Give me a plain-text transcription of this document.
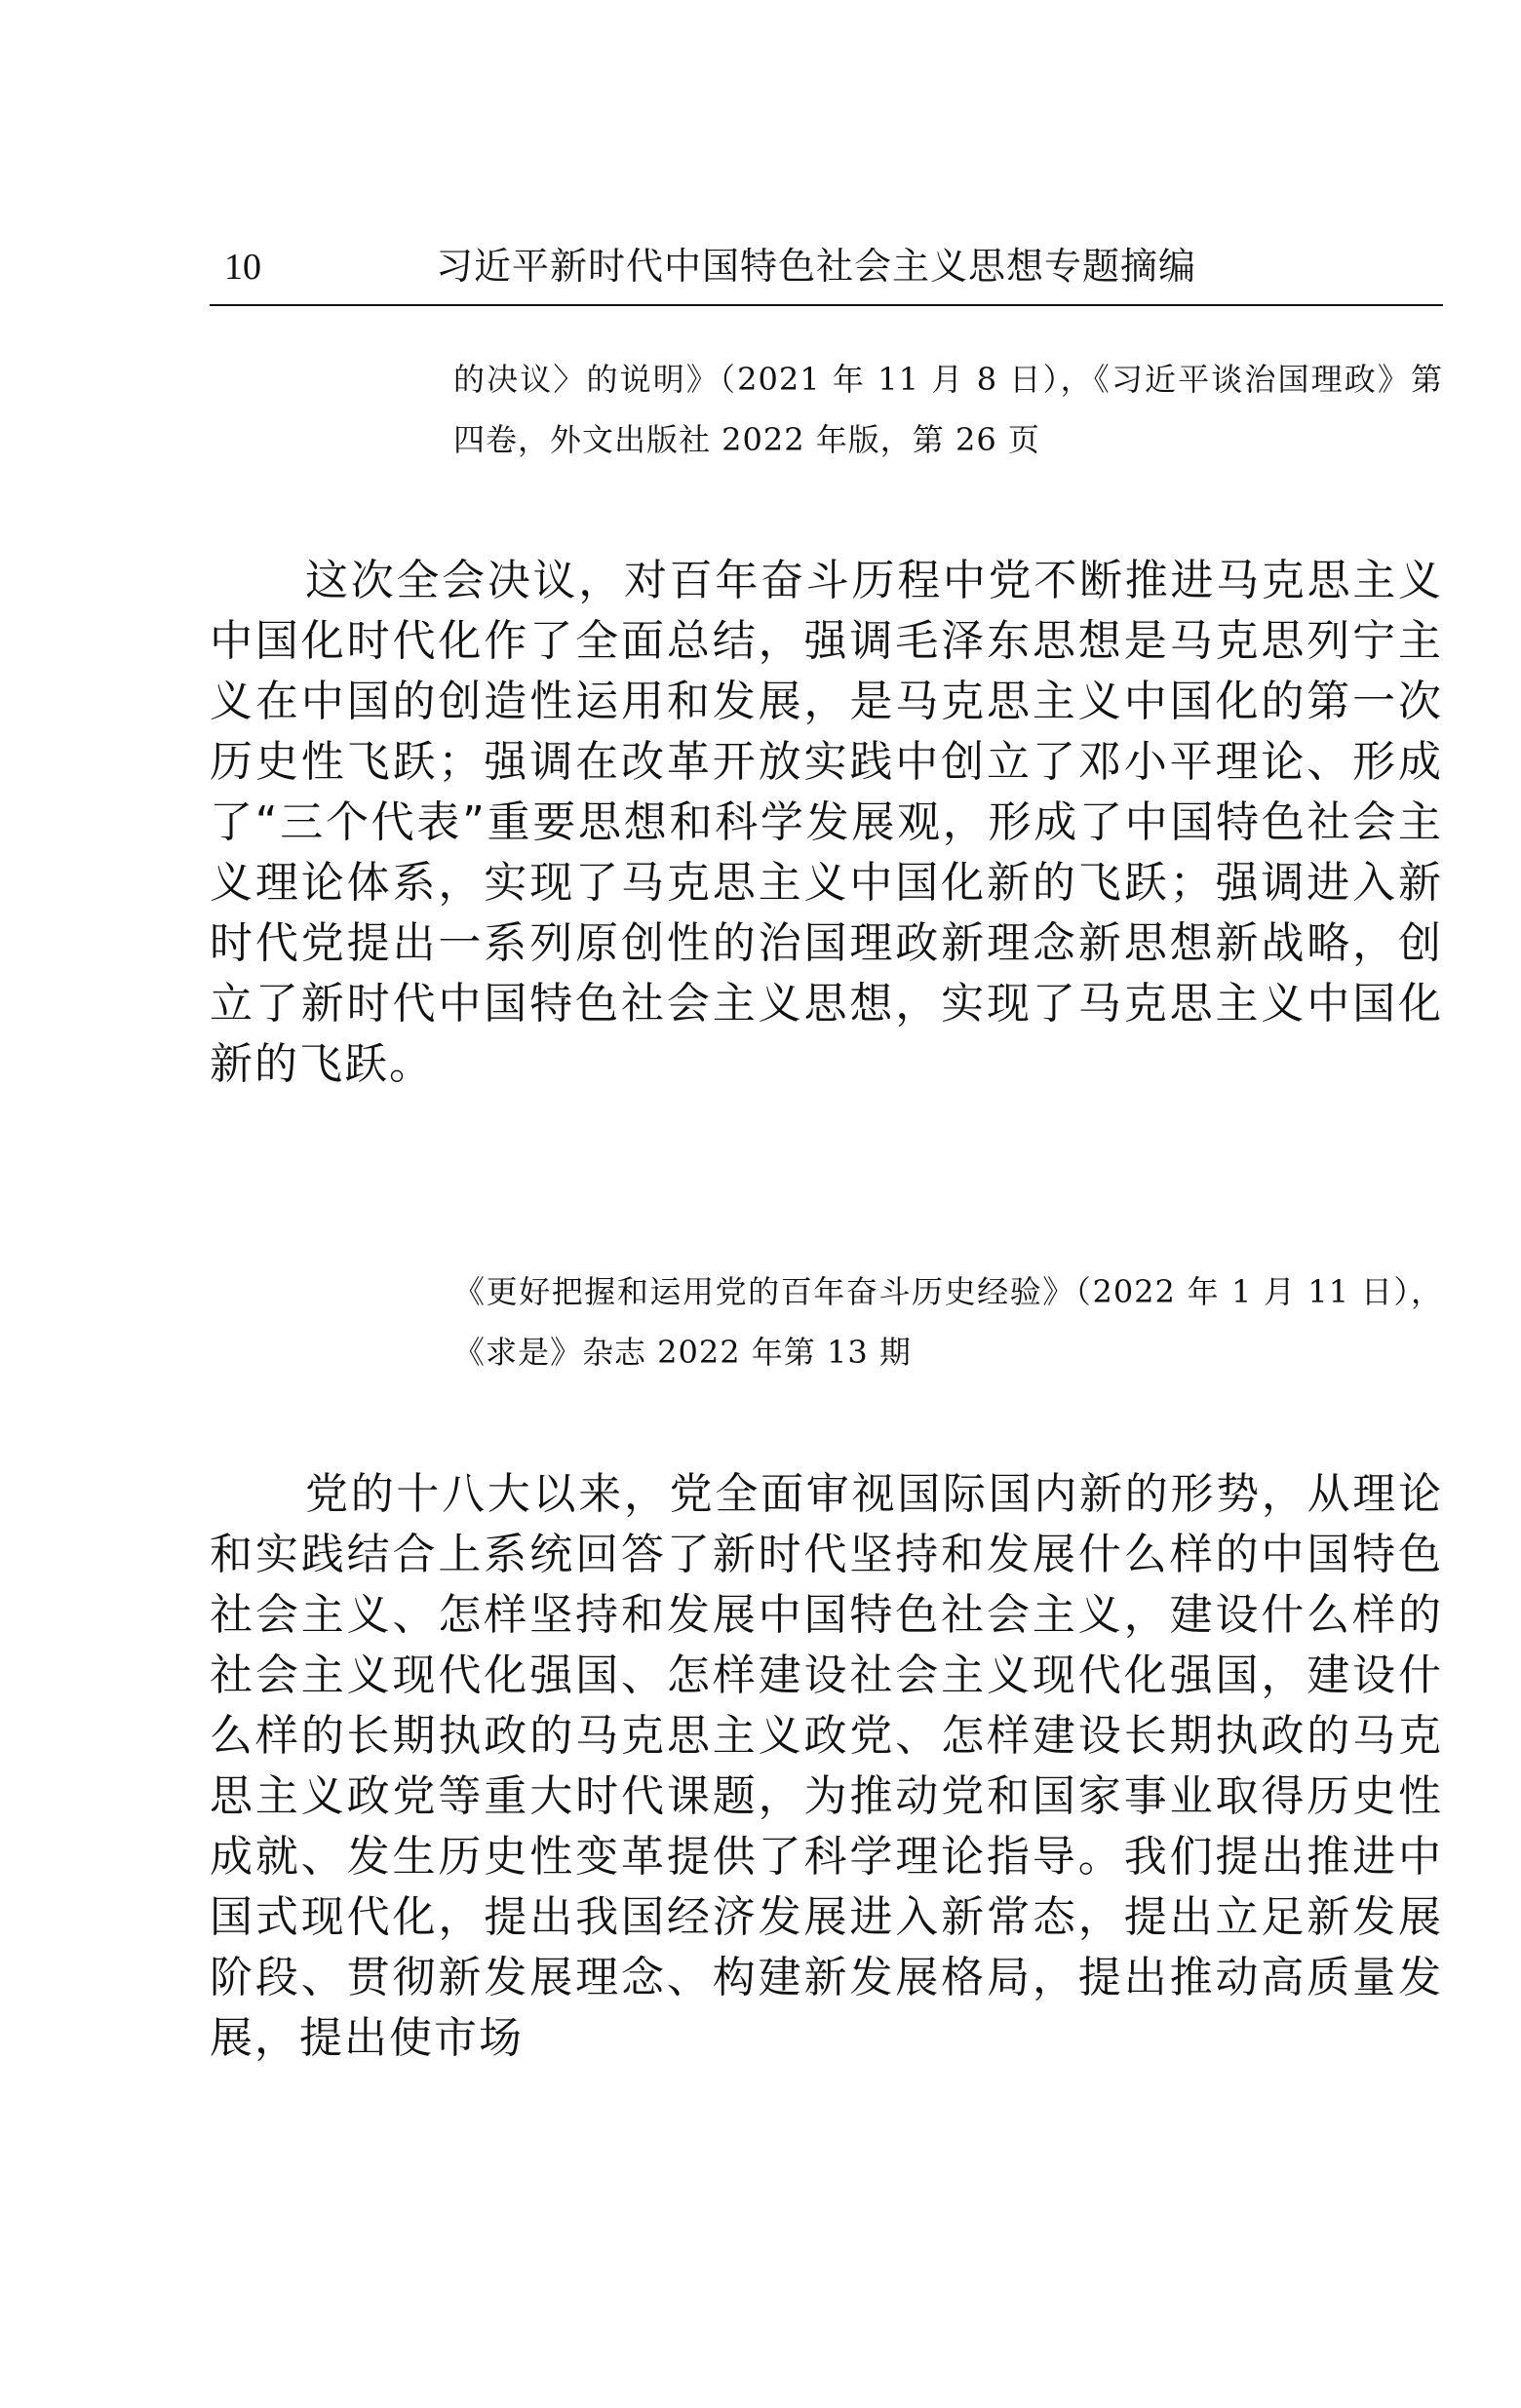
10	习近平新时代中国特色社会主义思想专题摘编

的决议〉的说明》（2021 年 11 月 8 日），《习近平谈治国理政》第四卷，外文出版社 2022 年版，第 26 页

这次全会决议，对百年奋斗历程中党不断推进马克思主义中国化时代化作了全面总结，强调毛泽东思想是马克思列宁主义在中国的创造性运用和发展，是马克思主义中国化的第一次历史性飞跃；强调在改革开放实践中创立了邓小平理论、形成了“三个代表”重要思想和科学发展观，形成了中国特色社会主义理论体系，实现了马克思主义中国化新的飞跃；强调进入新时代党提出一系列原创性的治国理政新理念新思想新战略，创立了新时代中国特色社会主义思想，实现了马克思主义中国化新的飞跃。

《更好把握和运用党的百年奋斗历史经验》（2022 年 1 月 11 日），《求是》杂志 2022 年第 13 期

党的十八大以来，党全面审视国际国内新的形势，从理论和实践结合上系统回答了新时代坚持和发展什么样的中国特色社会主义、怎样坚持和发展中国特色社会主义，建设什么样的社会主义现代化强国、怎样建设社会主义现代化强国，建设什么样的长期执政的马克思主义政党、怎样建设长期执政的马克思主义政党等重大时代课题，为推动党和国家事业取得历史性成就、发生历史性变革提供了科学理论指导。我们提出推进中国式现代化，提出我国经济发展进入新常态，提出立足新发展阶段、贯彻新发展理念、构建新发展格局，提出推动高质量发展，提出使市场
